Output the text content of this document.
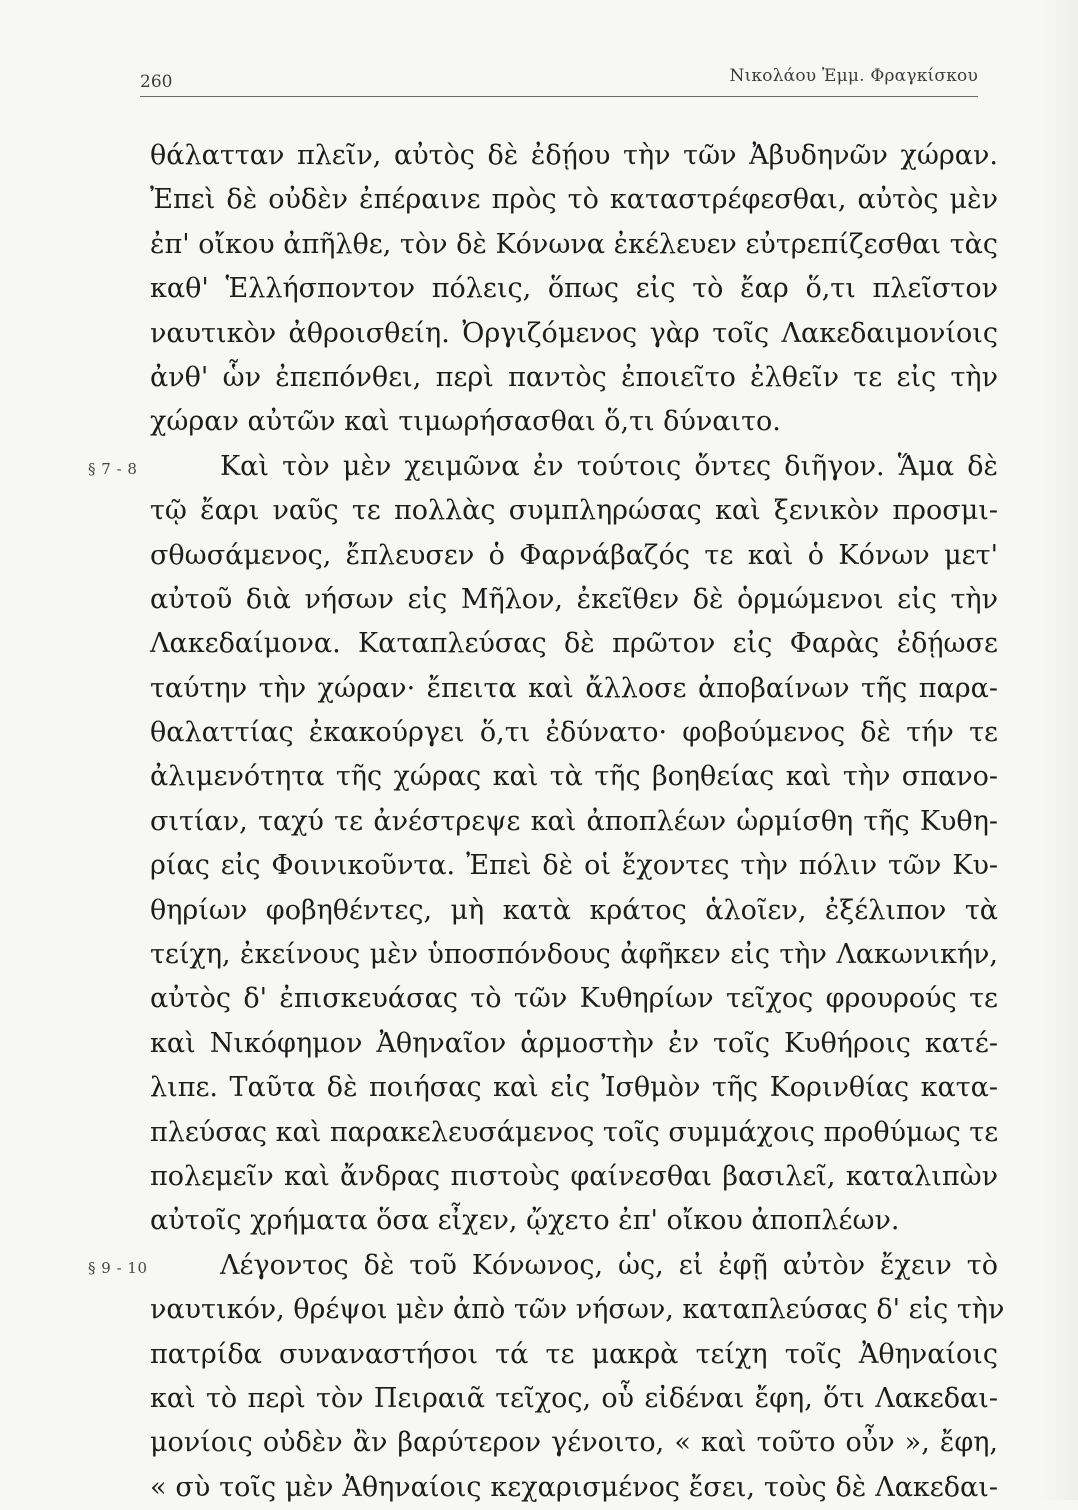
260	Νικολάου Ἐμμ. Φραγκίσκου
θάλατταν πλεῖν, αὐτὸς δὲ ἐδῄου τὴν τῶν Ἀβυδηνῶν χώραν.
Ἐπεὶ δὲ οὐδὲν ἐπέραινε πρὸς τὸ καταστρέφεσθαι, αὐτὸς μὲν
ἐπ' οἴκου ἀπῆλθε, τὸν δὲ Κόνωνα ἐκέλευεν εὐτρεπίζεσθαι τὰς
καθ' Ἑλλήσποντον πόλεις, ὅπως εἰς τὸ ἔαρ ὅ,τι πλεῖστον
ναυτικὸν ἀθροισθείη. Ὀργιζόμενος γὰρ τοῖς Λακεδαιμονίοις
ἀνθ' ὧν ἐπεπόνθει, περὶ παντὸς ἐποιεῖτο ἐλθεῖν τε εἰς τὴν
χώραν αὐτῶν καὶ τιμωρήσασθαι ὅ,τι δύναιτο.
§ 7 - 8	Καὶ τὸν μὲν χειμῶνα ἐν τούτοις ὄντες διῆγον. Ἅμα δὲ
τῷ ἔαρι ναῦς τε πολλὰς συμπληρώσας καὶ ξενικὸν προσμι-
σθωσάμενος, ἔπλευσεν ὁ Φαρνάβαζός τε καὶ ὁ Κόνων μετ'
αὐτοῦ διὰ νήσων εἰς Μῆλον, ἐκεῖθεν δὲ ὁρμώμενοι εἰς τὴν
Λακεδαίμονα. Καταπλεύσας δὲ πρῶτον εἰς Φαρὰς ἐδῄωσε
ταύτην τὴν χώραν· ἔπειτα καὶ ἄλλοσε ἀποβαίνων τῆς παρα-
θαλαττίας ἐκακούργει ὅ,τι ἐδύνατο· φοβούμενος δὲ τήν τε
ἀλιμενότητα τῆς χώρας καὶ τὰ τῆς βοηθείας καὶ τὴν σπανο-
σιτίαν, ταχύ τε ἀνέστρεψε καὶ ἀποπλέων ὡρμίσθη τῆς Κυθη-
ρίας εἰς Φοινικοῦντα. Ἐπεὶ δὲ οἱ ἔχοντες τὴν πόλιν τῶν Κυ-
θηρίων φοβηθέντες, μὴ κατὰ κράτος ἁλοῖεν, ἐξέλιπον τὰ
τείχη, ἐκείνους μὲν ὑποσπόνδους ἀφῆκεν εἰς τὴν Λακωνικήν,
αὐτὸς δ' ἐπισκευάσας τὸ τῶν Κυθηρίων τεῖχος φρουρούς τε
καὶ Νικόφημον Ἀθηναῖον ἁρμοστὴν ἐν τοῖς Κυθήροις κατέ-
λιπε. Ταῦτα δὲ ποιήσας καὶ εἰς Ἰσθμὸν τῆς Κορινθίας κατα-
πλεύσας καὶ παρακελευσάμενος τοῖς συμμάχοις προθύμως τε
πολεμεῖν καὶ ἄνδρας πιστοὺς φαίνεσθαι βασιλεῖ, καταλιπὼν
αὐτοῖς χρήματα ὅσα εἶχεν, ᾤχετο ἐπ' οἴκου ἀποπλέων.
§ 9 - 10	Λέγοντος δὲ τοῦ Κόνωνος, ὡς, εἰ ἐφῇ αὐτὸν ἔχειν τὸ
ναυτικόν, θρέψοι μὲν ἀπὸ τῶν νήσων, καταπλεύσας δ' εἰς τὴν
πατρίδα συναναστήσοι τά τε μακρὰ τείχη τοῖς Ἀθηναίοις
καὶ τὸ περὶ τὸν Πειραιᾶ τεῖχος, οὗ εἰδέναι ἔφη, ὅτι Λακεδαι-
μονίοις οὐδὲν ἂν βαρύτερον γένοιτο, « καὶ τοῦτο οὖν », ἔφη,
« σὺ τοῖς μὲν Ἀθηναίοις κεχαρισμένος ἔσει, τοὺς δὲ Λακεδαι-
